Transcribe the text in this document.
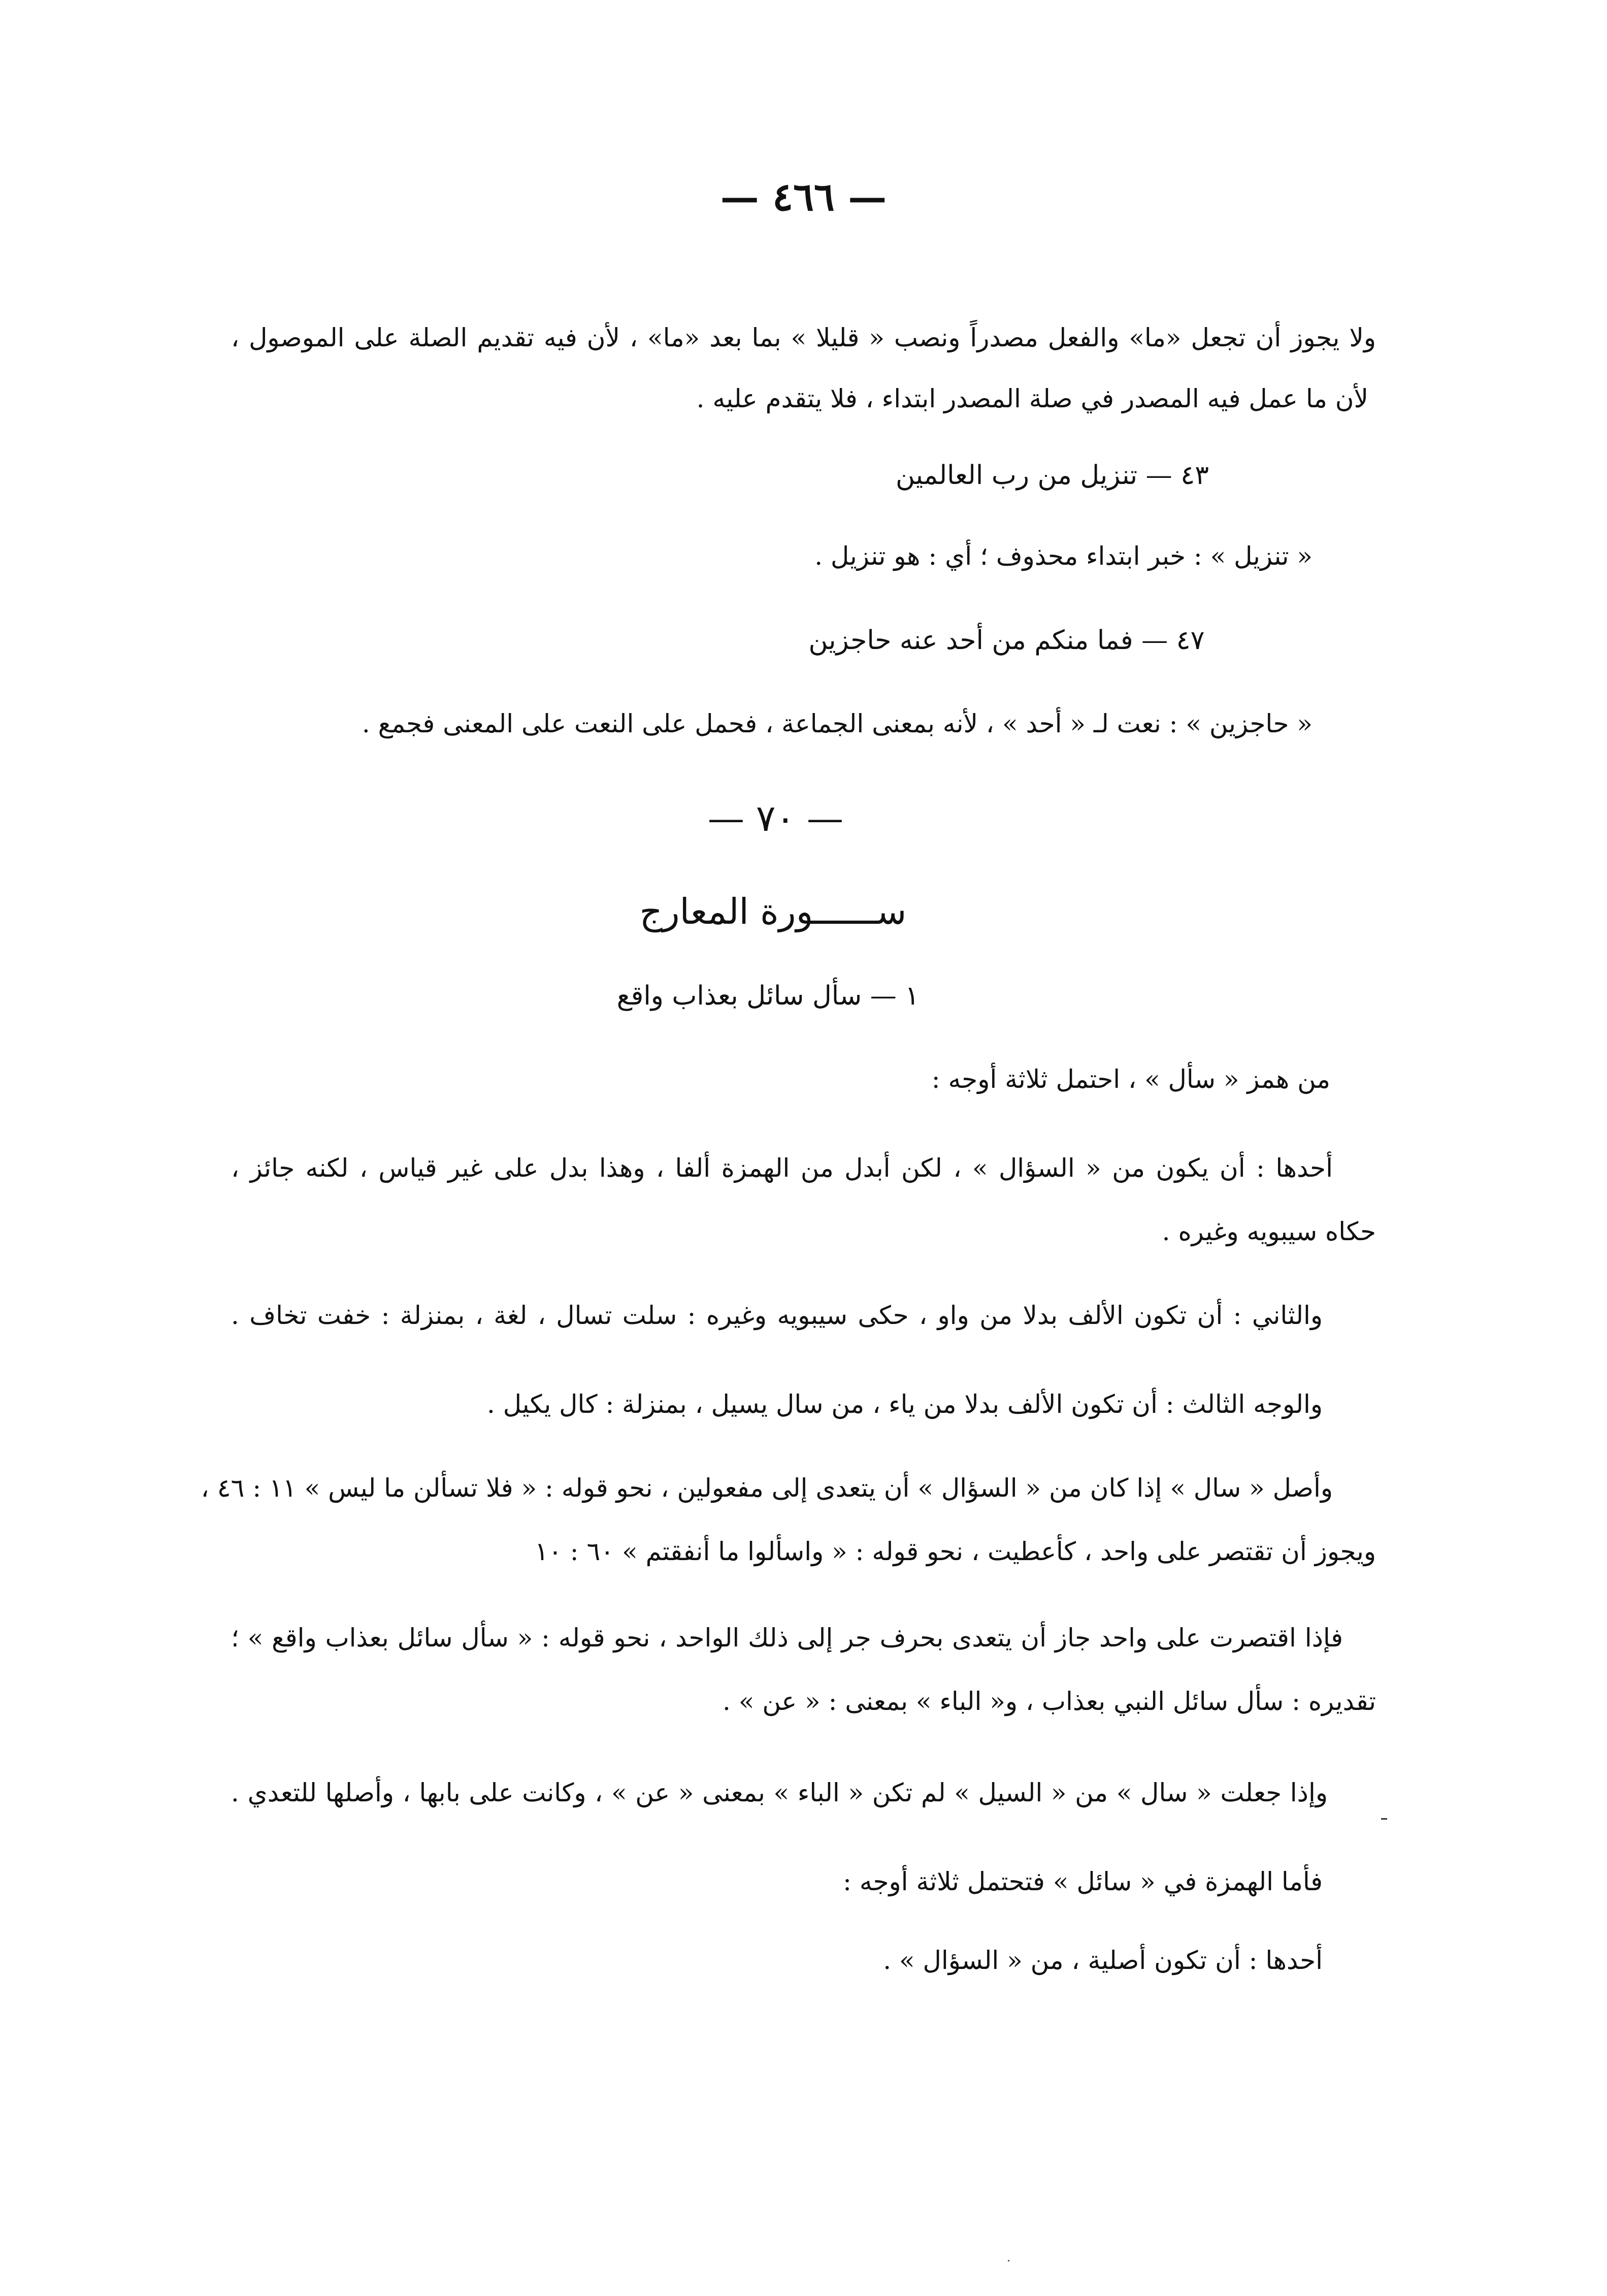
— ٤٦٦ —
ولا يجوز أن تجعل «ما» والفعل مصدراً ونصب « قليلا » بما بعد «ما» ، لأن فيه تقديم الصلة على الموصول ،
لأن ما عمل فيه المصدر في صلة المصدر ابتداء ، فلا يتقدم عليه .
٤٣ — تنزيل من رب العالمين
« تنزيل » : خبر ابتداء محذوف ؛ أي : هو تنزيل .
٤٧ — فما منكم من أحد عنه حاجزين
« حاجزين » : نعت لـ « أحد » ، لأنه بمعنى الجماعة ، فحمل على النعت على المعنى فجمع .
— ٧٠ —
ســــــورة المعارج
١ — سأل سائل بعذاب واقع
من همز « سأل » ، احتمل ثلاثة أوجه :
أحدها : أن يكون من « السؤال » ، لكن أبدل من الهمزة ألفا ، وهذا بدل على غير قياس ، لكنه جائز ،
حكاه سيبويه وغيره .
والثاني : أن تكون الألف بدلا من واو ، حكى سيبويه وغيره : سلت تسال ، لغة ، بمنزلة : خفت تخاف .
والوجه الثالث : أن تكون الألف بدلا من ياء ، من سال يسيل ، بمنزلة : كال يكيل .
وأصل « سال » إذا كان من « السؤال » أن يتعدى إلى مفعولين ، نحو قوله : « فلا تسألن ما ليس » ١١ : ٤٦ ،
ويجوز أن تقتصر على واحد ، كأعطيت ، نحو قوله : « واسألوا ما أنفقتم » ٦٠ : ١٠
فإذا اقتصرت على واحد جاز أن يتعدى بحرف جر إلى ذلك الواحد ، نحو قوله : « سأل سائل بعذاب واقع » ؛
تقديره : سأل سائل النبي بعذاب ، و« الباء » بمعنى : « عن » .
وإذا جعلت « سال » من « السيل » لم تكن « الباء » بمعنى « عن » ، وكانت على بابها ، وأصلها للتعدي .
فأما الهمزة في « سائل » فتحتمل ثلاثة أوجه :
أحدها : أن تكون أصلية ، من « السؤال » .
